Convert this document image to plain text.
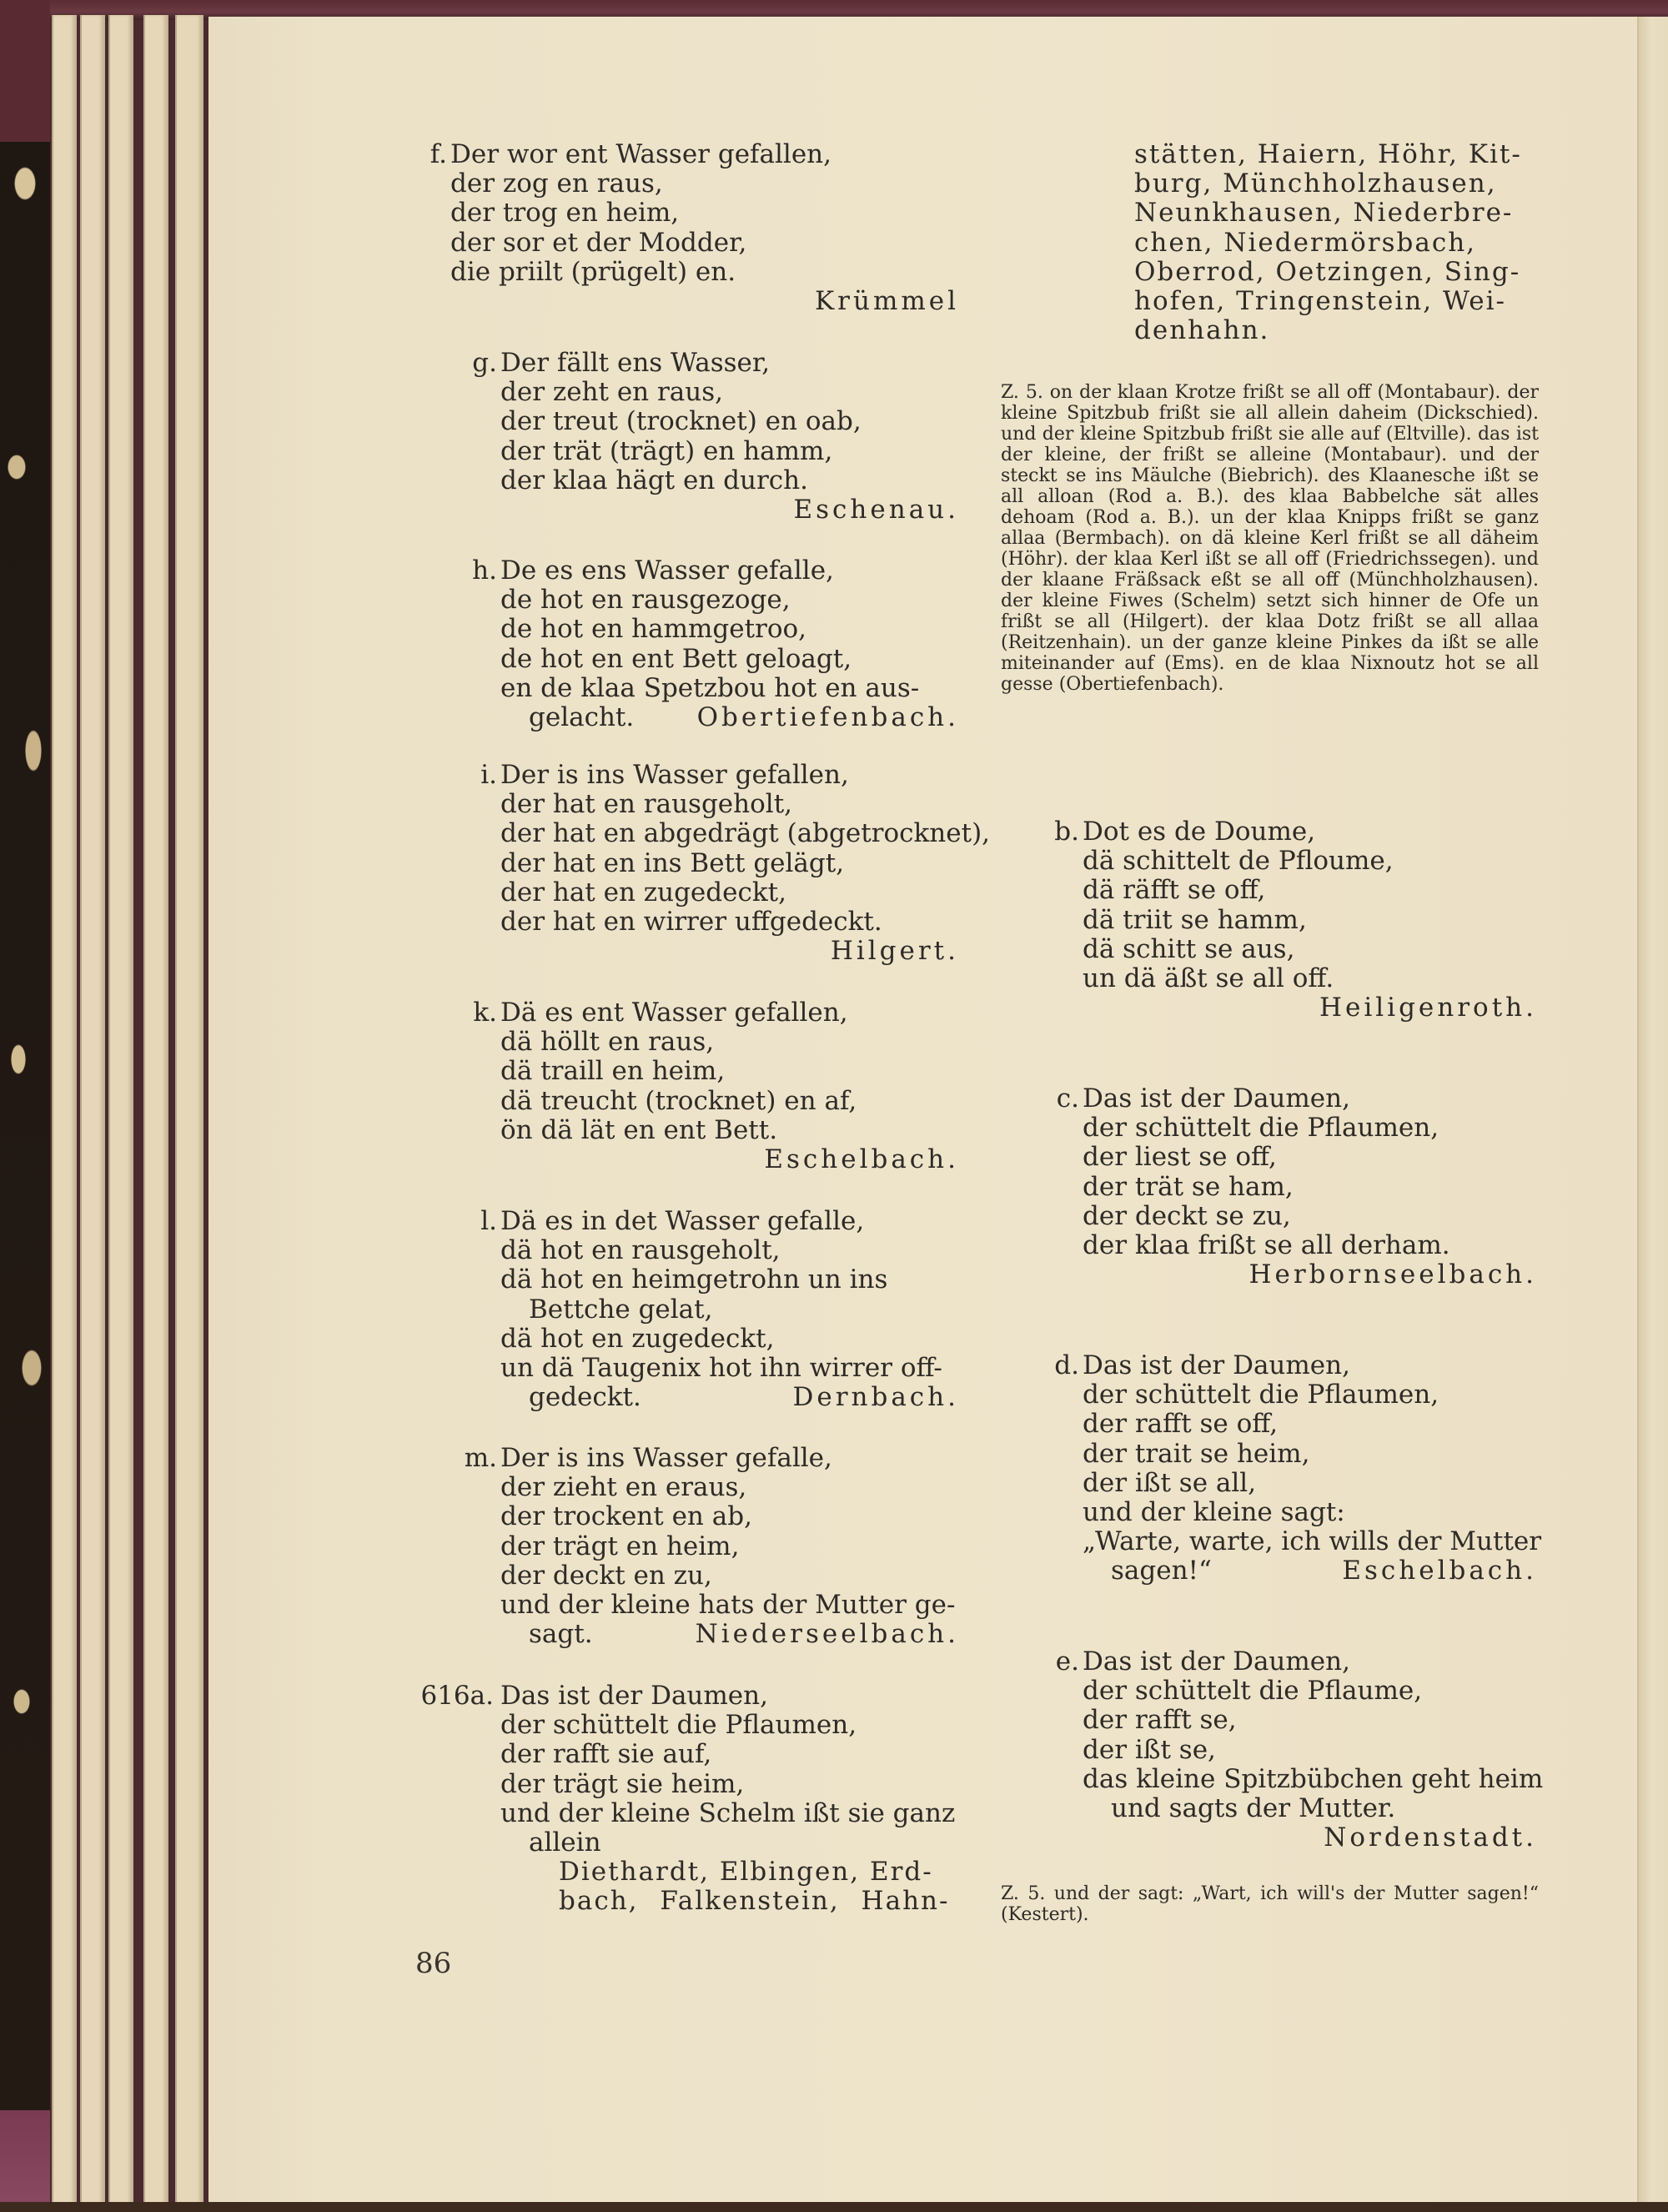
f. Der wor ent Wasser gefallen,
der zog en raus,
der trog en heim,
der sor et der Modder,
die priilt (prügelt) en.
Krümmel
g. Der fällt ens Wasser,
der zeht en raus,
der treut (trocknet) en oab,
der trät (trägt) en hamm,
der klaa hägt en durch.
Eschenau.
h. De es ens Wasser gefalle,
de hot en rausgezoge,
de hot en hammgetroo,
de hot en ent Bett geloagt,
en de klaa Spetzbou hot en aus-
gelacht. Obertiefenbach.
i. Der is ins Wasser gefallen,
der hat en rausgeholt,
der hat en abgedrägt (abgetrocknet),
der hat en ins Bett gelägt,
der hat en zugedeckt,
der hat en wirrer uffgedeckt.
Hilgert.
k. Dä es ent Wasser gefallen,
dä höllt en raus,
dä traill en heim,
dä treucht (trocknet) en af,
ön dä lät en ent Bett.
Eschelbach.
l. Dä es in det Wasser gefalle,
dä hot en rausgeholt,
dä hot en heimgetrohn un ins
Bettche gelat,
dä hot en zugedeckt,
un dä Taugenix hot ihn wirrer off-
gedeckt.	Dernbach.
m. Der is ins Wasser gefalle,
der zieht en eraus,
der trockent en ab,
der trägt en heim,
der deckt en zu,
und der kleine hats der Mutter ge-
sagt.	Niederseelbach.
616a. Das ist der Daumen,
der schüttelt die Pflaumen,
der rafft sie auf,
der trägt sie heim,
und der kleine Schelm ißt sie ganz
allein
Diethardt, Elbingen, Erd-
bach, Falkenstein, Hahn-
86
stätten, Haiern, Höhr, Kit-
burg, Münchholzhausen,
Neunkhausen, Niederbre-
chen, Niedermörsbach,
Oberrod, Oetzingen, Sing-
hofen, Tringenstein, Wei-
denhahn.
Z. 5. on der klaan Krotze frißt se all off (Montabaur). der kleine Spitzbub frißt sie all allein daheim (Dickschied). und der kleine Spitzbub frißt sie alle auf (Eltville). das ist der kleine, der frißt se alleine (Montabaur). und der steckt se ins Mäulche (Biebrich). des Klaanesche ißt se all alloan (Rod a. B.). des klaa Babbelche sät alles dehoam (Rod a. B.). un der klaa Knipps frißt se ganz allaa (Bermbach). on dä kleine Kerl frißt se all däheim (Höhr). der klaa Kerl ißt se all off (Friedrichssegen). und der klaane Fräßsack eßt se all off (Münchholzhausen). der kleine Fiwes (Schelm) setzt sich hinner de Ofe un frißt se all (Hilgert). der klaa Dotz frißt se all allaa (Reitzenhain). un der ganze kleine Pinkes da ißt se alle miteinander auf (Ems). en de klaa Nixnoutz hot se all gesse (Obertiefenbach).
b. Dot es de Doume,
dä schittelt de Pfloume,
dä räfft se off,
dä triit se hamm,
dä schitt se aus,
un dä äßt se all off.
Heiligenroth.
c. Das ist der Daumen,
der schüttelt die Pflaumen,
der liest se off,
der trät se ham,
der deckt se zu,
der klaa frißt se all derham.
Herbornseelbach.
d. Das ist der Daumen,
der schüttelt die Pflaumen,
der rafft se off,
der trait se heim,
der ißt se all,
und der kleine sagt:
„Warte, warte, ich wills der Mutter
sagen!“	Eschelbach.
e. Das ist der Daumen,
der schüttelt die Pflaume,
der rafft se,
der ißt se,
das kleine Spitzbübchen geht heim
und sagts der Mutter.
Nordenstadt.
Z. 5. und der sagt: „Wart, ich will's der Mutter sagen!“ (Kestert).
